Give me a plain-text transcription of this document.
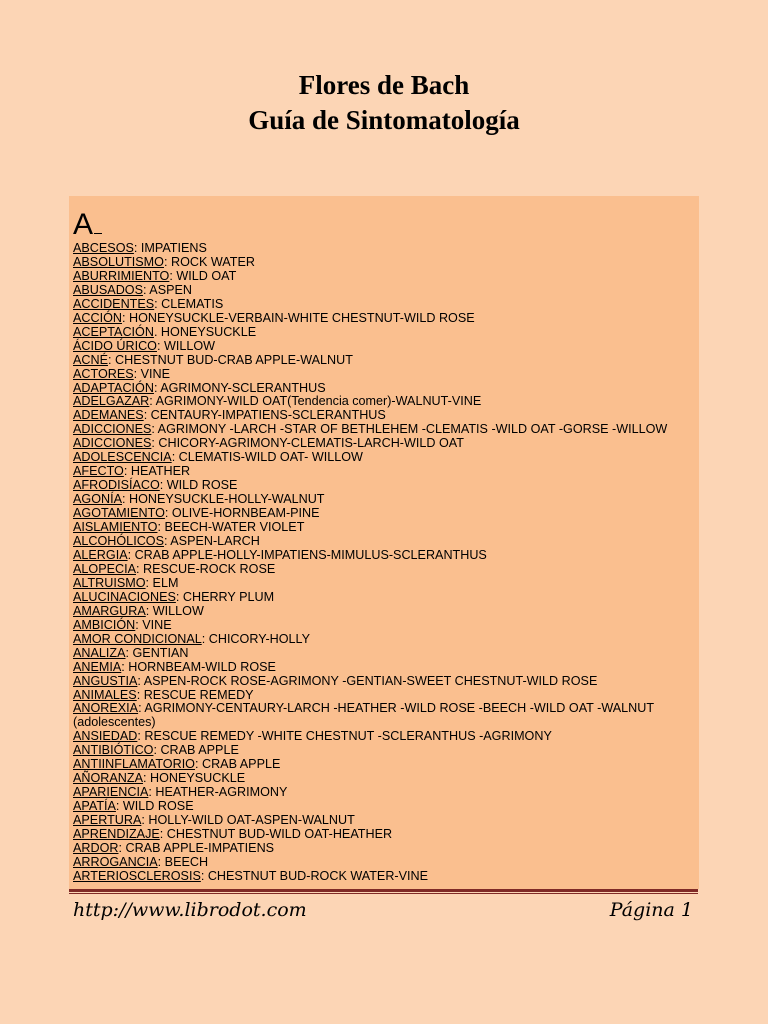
Flores de Bach
Guía de Sintomatología
A
ABCESOS: IMPATIENS
ABSOLUTISMO: ROCK WATER
ABURRIMIENTO: WILD OAT
ABUSADOS: ASPEN
ACCIDENTES: CLEMATIS
ACCIÓN: HONEYSUCKLE-VERBAIN-WHITE CHESTNUT-WILD ROSE
ACEPTACIÓN. HONEYSUCKLE
ÁCIDO ÚRICO: WILLOW
ACNÉ: CHESTNUT BUD-CRAB APPLE-WALNUT
ACTORES: VINE
ADAPTACIÓN: AGRIMONY-SCLERANTHUS
ADELGAZAR: AGRIMONY-WILD OAT(Tendencia comer)-WALNUT-VINE
ADEMANES: CENTAURY-IMPATIENS-SCLERANTHUS
ADICCIONES: AGRIMONY -LARCH -STAR OF BETHLEHEM -CLEMATIS -WILD OAT -GORSE -WILLOW
ADICCIONES: CHICORY-AGRIMONY-CLEMATIS-LARCH-WILD OAT
ADOLESCENCIA: CLEMATIS-WILD OAT- WILLOW
AFECTO: HEATHER
AFRODISÍACO: WILD ROSE
AGONÍA: HONEYSUCKLE-HOLLY-WALNUT
AGOTAMIENTO: OLIVE-HORNBEAM-PINE
AISLAMIENTO: BEECH-WATER VIOLET
ALCOHÓLICOS: ASPEN-LARCH
ALERGIA: CRAB APPLE-HOLLY-IMPATIENS-MIMULUS-SCLERANTHUS
ALOPECIA: RESCUE-ROCK ROSE
ALTRUISMO: ELM
ALUCINACIONES: CHERRY PLUM
AMARGURA: WILLOW
AMBICIÓN: VINE
AMOR CONDICIONAL: CHICORY-HOLLY
ANALIZA: GENTIAN
ANEMIA: HORNBEAM-WILD ROSE
ANGUSTIA: ASPEN-ROCK ROSE-AGRIMONY -GENTIAN-SWEET CHESTNUT-WILD ROSE
ANIMALES: RESCUE REMEDY
ANOREXIA: AGRIMONY-CENTAURY-LARCH -HEATHER -WILD ROSE -BEECH -WILD OAT -WALNUT
(adolescentes)
ANSIEDAD: RESCUE REMEDY -WHITE CHESTNUT -SCLERANTHUS -AGRIMONY
ANTIBIÓTICO: CRAB APPLE
ANTIINFLAMATORIO: CRAB APPLE
AÑORANZA: HONEYSUCKLE
APARIENCIA: HEATHER-AGRIMONY
APATÍA: WILD ROSE
APERTURA: HOLLY-WILD OAT-ASPEN-WALNUT
APRENDIZAJE: CHESTNUT BUD-WILD OAT-HEATHER
ARDOR: CRAB APPLE-IMPATIENS
ARROGANCIA: BEECH
ARTERIOSCLEROSIS: CHESTNUT BUD-ROCK WATER-VINE
http://www.librodot.com	Página 1
